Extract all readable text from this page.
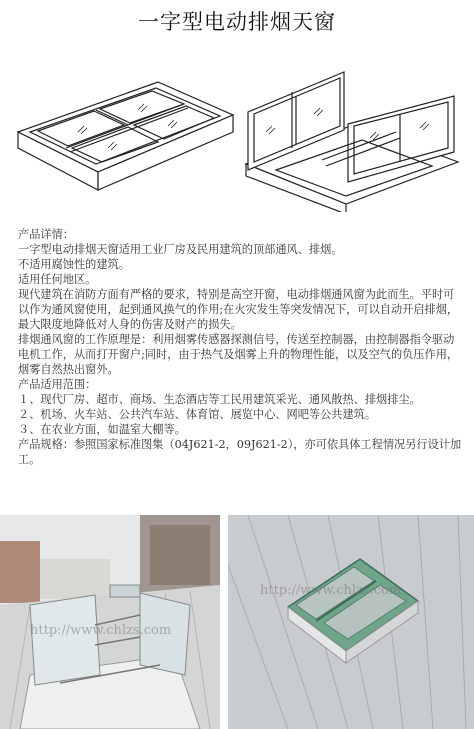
一字型电动排烟天窗

产品详情：

一字型电动排烟天窗适用工业厂房及民用建筑的顶部通风、排烟。

不适用腐蚀性的建筑。

适用任何地区。

现代建筑在消防方面有严格的要求，特别是高空开窗，电动排烟通风窗为此而生。平时可以作为通风窗使用，起到通风换气的作用;在火灾发生等突发情况下，可以自动开启排烟，最大限度地降低对人身的伤害及财产的损失。

排烟通风窗的工作原理是：利用烟雾传感器探测信号，传送至控制器，由控制器指令驱动电机工作，从而打开窗户;同时，由于热气及烟雾上升的物理性能，以及空气的负压作用，烟雾自然热出窗外。

产品适用范围：

１、现代厂房、超市、商场、生态酒店等工民用建筑采光、通风散热、排烟排尘。

２、机场、火车站、公共汽车站、体育馆、展览中心、网吧等公共建筑。

３、在农业方面，如温室大棚等。

产品规格：参照国家标准图集（04J621-2，09J621-2），亦可依具体工程情况另行设计加工。

http://www.chlzs.com
http://www.chlzs.com
